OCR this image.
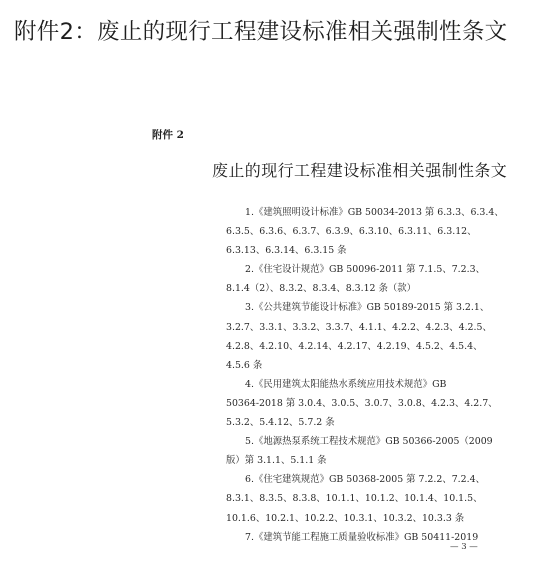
附件2：废止的现行工程建设标准相关强制性条文
附件 2
废止的现行工程建设标准相关强制性条文
1.《建筑照明设计标准》GB 50034-2013 第 6.3.3、6.3.4、
6.3.5、6.3.6、6.3.7、6.3.9、6.3.10、6.3.11、6.3.12、
6.3.13、6.3.14、6.3.15 条
2.《住宅设计规范》GB 50096-2011 第 7.1.5、7.2.3、
8.1.4（2）、8.3.2、8.3.4、8.3.12 条（款）
3.《公共建筑节能设计标准》GB 50189-2015 第 3.2.1、
3.2.7、3.3.1、3.3.2、3.3.7、4.1.1、4.2.2、4.2.3、4.2.5、
4.2.8、4.2.10、4.2.14、4.2.17、4.2.19、4.5.2、4.5.4、
4.5.6 条
4.《民用建筑太阳能热水系统应用技术规范》GB
50364-2018 第 3.0.4、3.0.5、3.0.7、3.0.8、4.2.3、4.2.7、
5.3.2、5.4.12、5.7.2 条
5.《地源热泵系统工程技术规范》GB 50366-2005（2009
版）第 3.1.1、5.1.1 条
6.《住宅建筑规范》GB 50368-2005 第 7.2.2、7.2.4、
8.3.1、8.3.5、8.3.8、10.1.1、10.1.2、10.1.4、10.1.5、
10.1.6、10.2.1、10.2.2、10.3.1、10.3.2、10.3.3 条
7.《建筑节能工程施工质量验收标准》GB 50411-2019
— 3 —
